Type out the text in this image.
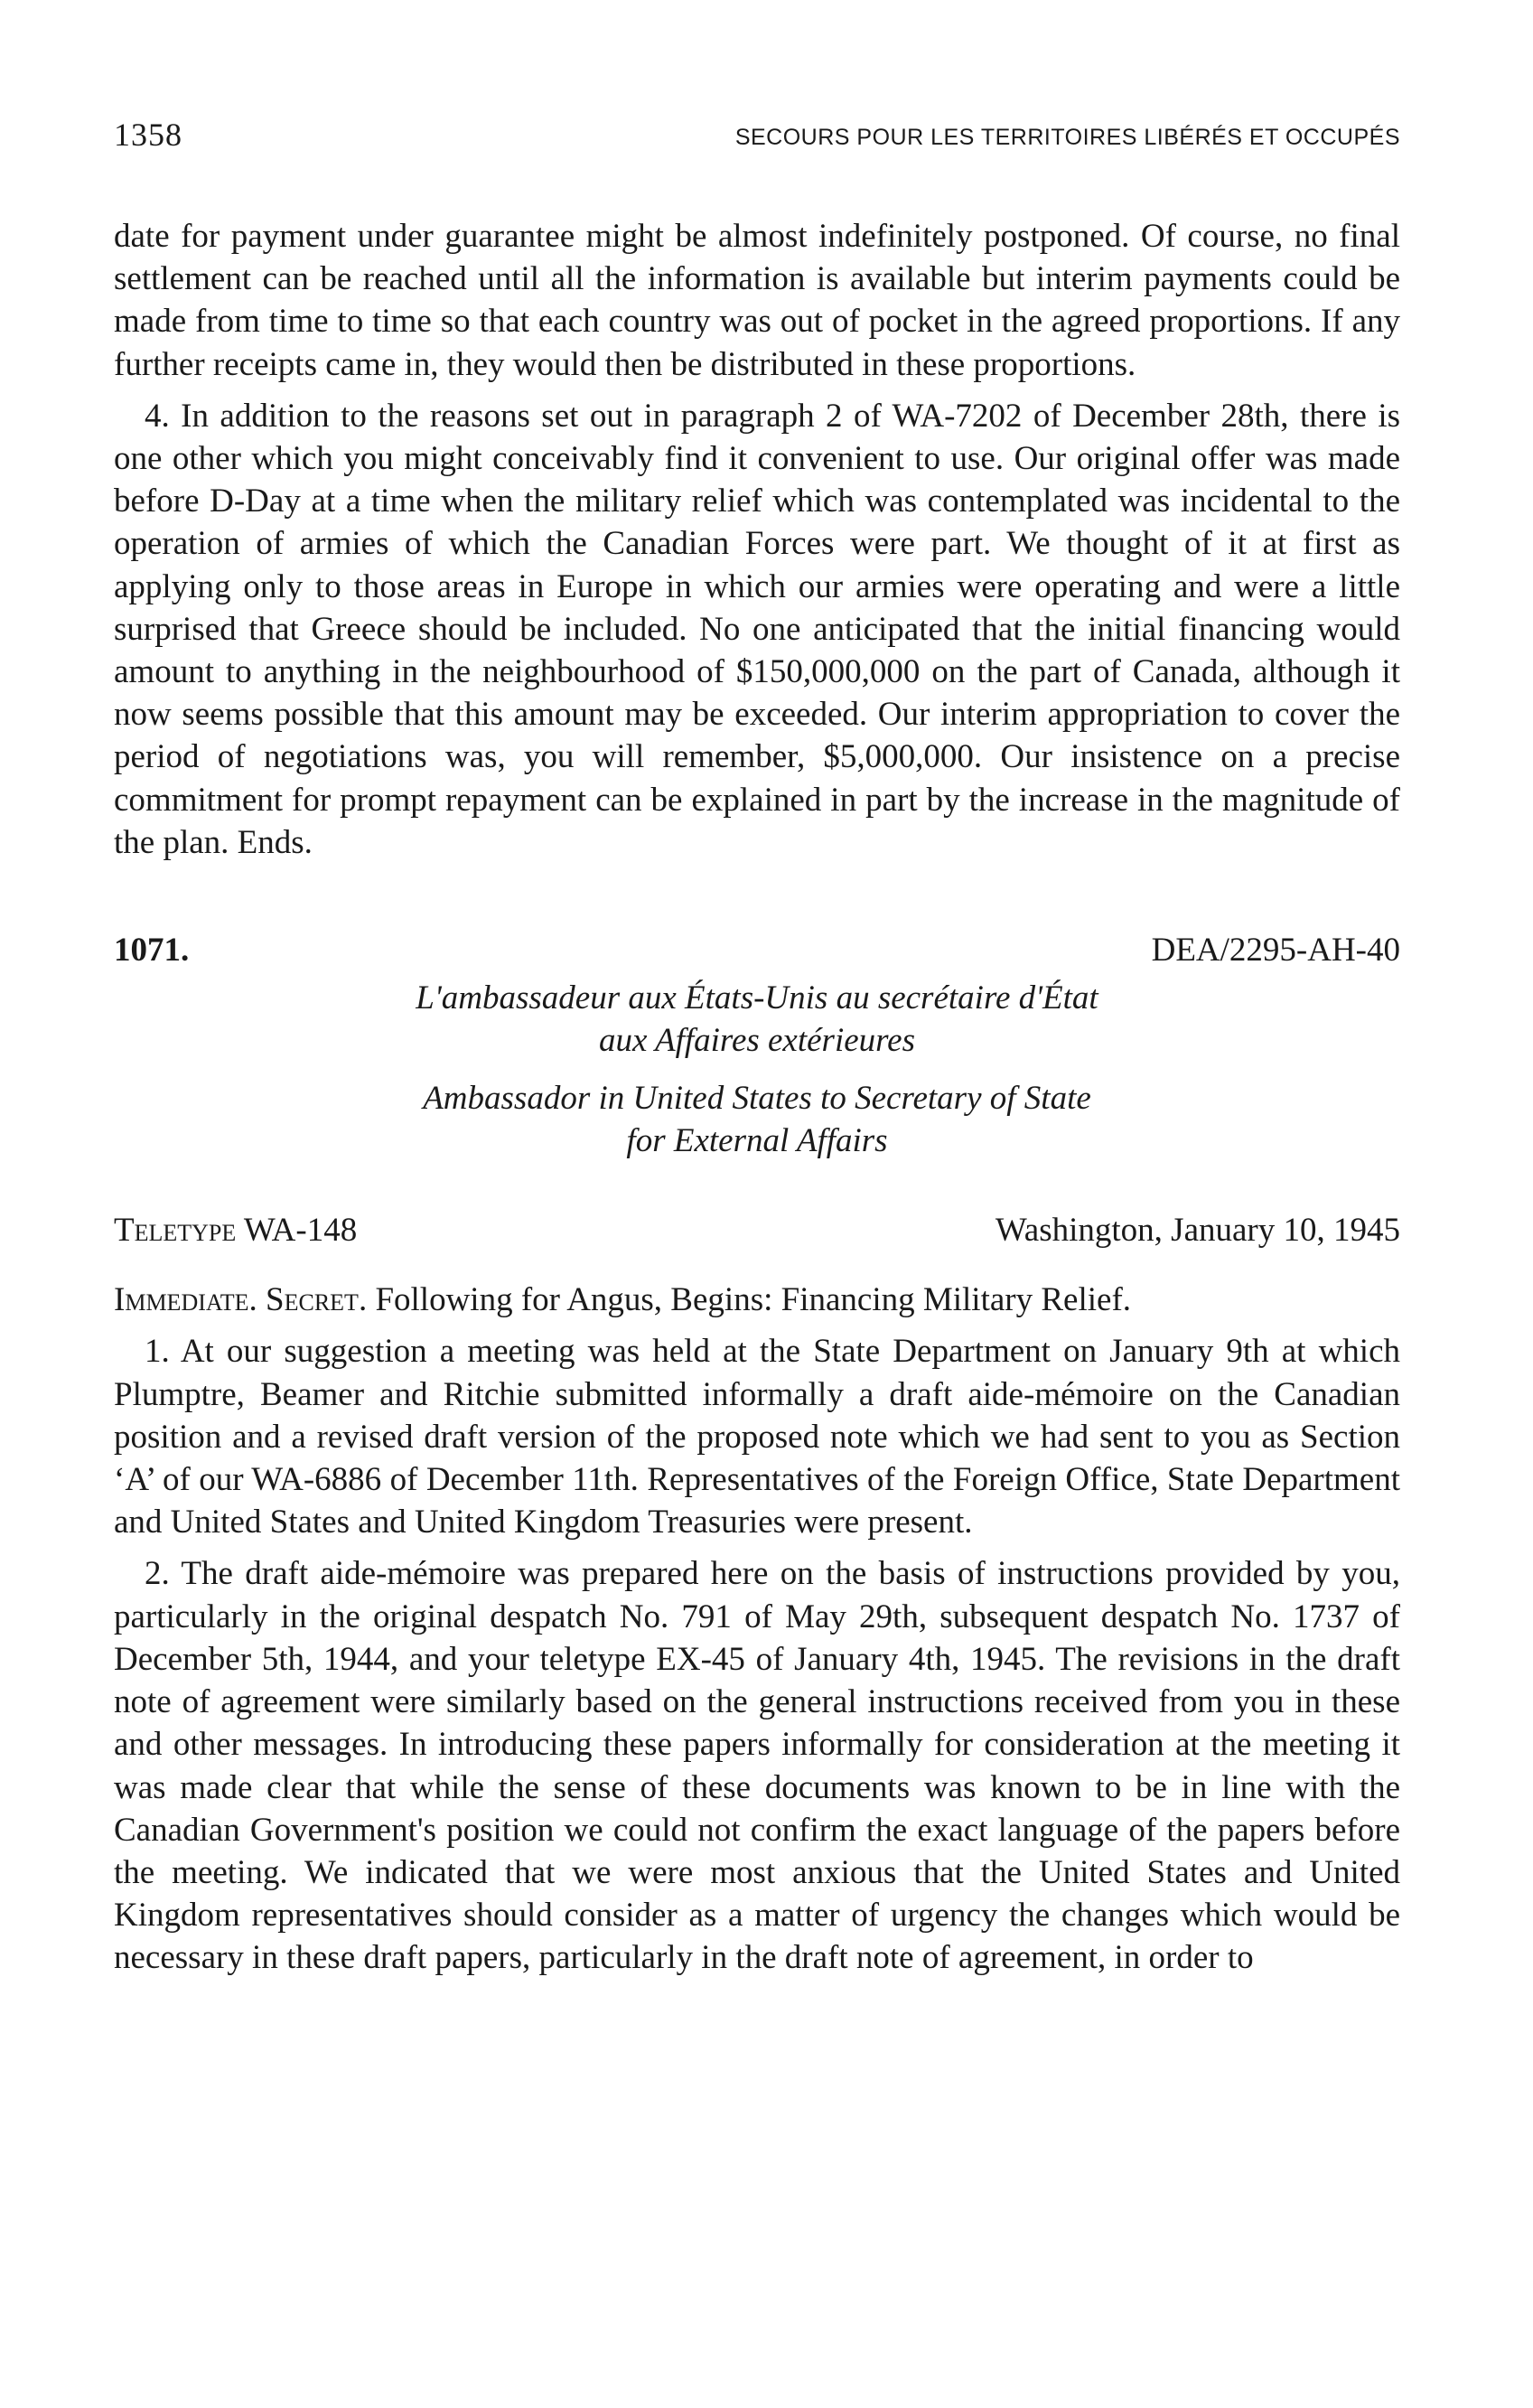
1358	SECOURS POUR LES TERRITOIRES LIBÉRÉS ET OCCUPÉS

date for payment under guarantee might be almost indefinitely postponed. Of course, no final settlement can be reached until all the information is available but interim payments could be made from time to time so that each country was out of pocket in the agreed proportions. If any further receipts came in, they would then be distributed in these proportions.

4. In addition to the reasons set out in paragraph 2 of WA-7202 of December 28th, there is one other which you might conceivably find it convenient to use. Our original offer was made before D-Day at a time when the military relief which was contemplated was incidental to the operation of armies of which the Canadian Forces were part. We thought of it at first as applying only to those areas in Europe in which our armies were operating and were a little surprised that Greece should be included. No one anticipated that the initial financing would amount to anything in the neighbourhood of $150,000,000 on the part of Canada, although it now seems possible that this amount may be exceeded. Our interim appropriation to cover the period of negotiations was, you will remember, $5,000,000. Our insistence on a precise commitment for prompt repayment can be explained in part by the increase in the magnitude of the plan. Ends.

1071.	DEA/2295-AH-40
L'ambassadeur aux États-Unis au secrétaire d'État
aux Affaires extérieures
Ambassador in United States to Secretary of State
for External Affairs
Teletype WA-148	Washington, January 10, 1945

Immediate. Secret. Following for Angus, Begins: Financing Military Relief.

1. At our suggestion a meeting was held at the State Department on January 9th at which Plumptre, Beamer and Ritchie submitted informally a draft aide-mémoire on the Canadian position and a revised draft version of the proposed note which we had sent to you as Section ‘A’ of our WA-6886 of December 11th. Representatives of the Foreign Office, State Department and United States and United Kingdom Treasuries were present.

2. The draft aide-mémoire was prepared here on the basis of instructions provided by you, particularly in the original despatch No. 791 of May 29th, subsequent despatch No. 1737 of December 5th, 1944, and your teletype EX-45 of January 4th, 1945. The revisions in the draft note of agreement were similarly based on the general instructions received from you in these and other messages. In introducing these papers informally for consideration at the meeting it was made clear that while the sense of these documents was known to be in line with the Canadian Government's position we could not confirm the exact language of the papers before the meeting. We indicated that we were most anxious that the United States and United Kingdom representatives should consider as a matter of urgency the changes which would be necessary in these draft papers, particularly in the draft note of agreement, in order to
